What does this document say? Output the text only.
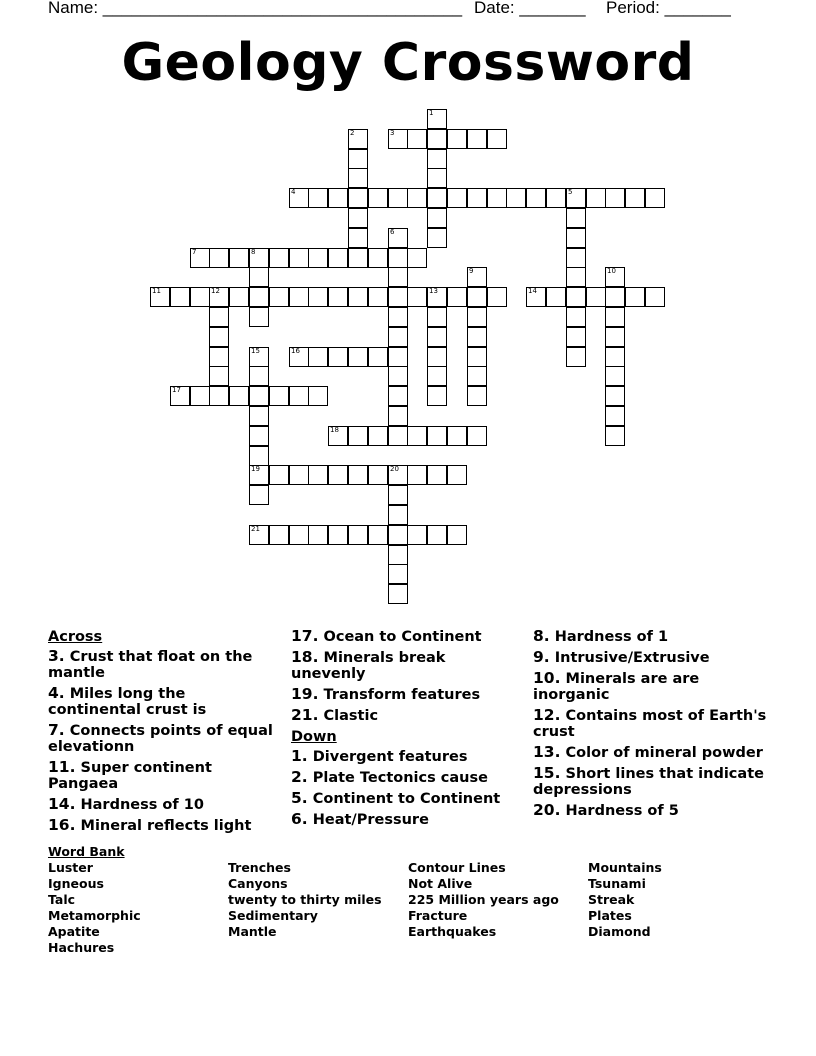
Name: ______________________________________

Date: _______

Period: _______

Geology Crossword
1
2	3
4	5
6
7	8
9	10
11	12	13	14
15
19
16
17
18
20
21
Across
3. Crust that float on the mantle
4. Miles long the continental crust is
7. Connects points of equal elevationn
11. Super continent Pangaea
14. Hardness of 10
16. Mineral reflects light
17. Ocean to Continent
18. Minerals break unevenly
19. Transform features
21. Clastic
Down
1. Divergent features
2. Plate Tectonics cause
5. Continent to Continent
6. Heat/Pressure
8. Hardness of 1
9. Intrusive/Extrusive
10. Minerals are are inorganic
12. Contains most of Earth's crust
13. Color of mineral powder
15. Short lines that indicate depressions
20. Hardness of 5
Word Bank
Luster
Igneous
Talc
Metamorphic
Apatite
Hachures
Trenches
Canyons
twenty to thirty miles
Sedimentary
Mantle
Contour Lines
Not Alive
225 Million years ago
Fracture
Earthquakes
Mountains
Tsunami
Streak
Plates
Diamond
